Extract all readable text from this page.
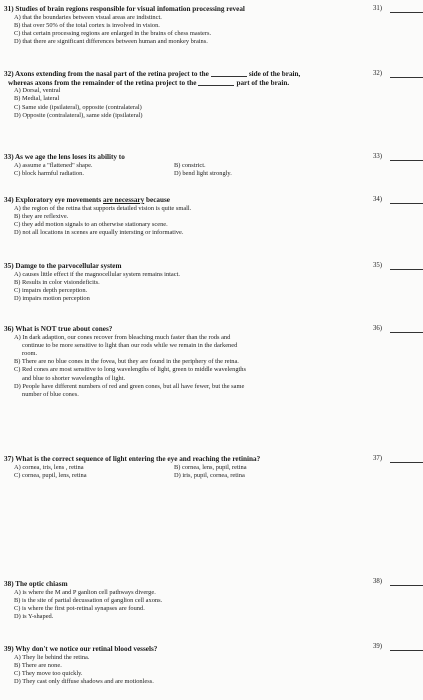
31) Studies of brain regions responsible for visual infomation processing reveal
A) that the boundaries between visual areas are indistinct.
B) that over 50% of the total cortex is involved in vision.
C) that certain processing regions are enlarged in the brains of chess masters.
D) that there are significant differences between human and monkey brains.
31)
32) Axons extending from the nasal part of the retina project to the	side of the brain,
whereas axons from the remainder of the retina project to the	part of the brain.
A) Dorsal, ventral
B) Medial, lateral
C) Same side (ipsilateral), opposite (contralateral)
D) Opposite (contralateral), same side (ipsilateral)
32)
33) As we age the lens loses its ability to
A) assume a "flattened" shape.	B) constrict.
C) block harmful radiation.	D) bend light strongly.
33)
34) Exploratory eye movements are necessary because
A) the region of the retina that supports detailed vision is quite small.
B) they are reflexive.
C) they add motion signals to an otherwise stationary scene.
D) not all locations in scenes are equally intersting or informative.
34)
35) Damge to the parvocellular system
A) causes little effect if the magnocellular system remains intact.
B) Results in color visiondeficits.
C) impairs depth perception.
D) impairs motion perception
35)
36) What is NOT true about cones?
A) In dark adaption, our cones recover from bleaching much faster than the rods and
continue to be more sensitive to light than our rods while we remain in the darkened
room.
B) There are no blue cones in the fovea, but they are found in the periphery of the retna.
C) Red cones are most sensitive to long wavelengths of light, green to middle wavelengths
and blue to shorter wavelengths of light.
D) People have different numbers of red and green cones, but all have fewer, but the same
number of blue cones.
36)
37) What is the correct sequence of light entering the eye and reaching the retinina?
A) cornea, iris, lens , retina	B) cornea, lens, pupil, retina
C) cornea, pupil, lens, retina	D) iris, pupil, cornea, retina
37)
38) The optic chiasm
A) is where the M and P ganlion cell pathways diverge.
B) is the site of partial decussation of ganglion cell axons.
C) is where the first pot-retinal synapses are found.
D) is Y-shaped.
38)
39) Why don't we notice our retinal blood vessels?
A) They lie behind the retina.
B) There are none.
C) They move too quickly.
D) They cast only diffuse shadows and are motionless.
39)
